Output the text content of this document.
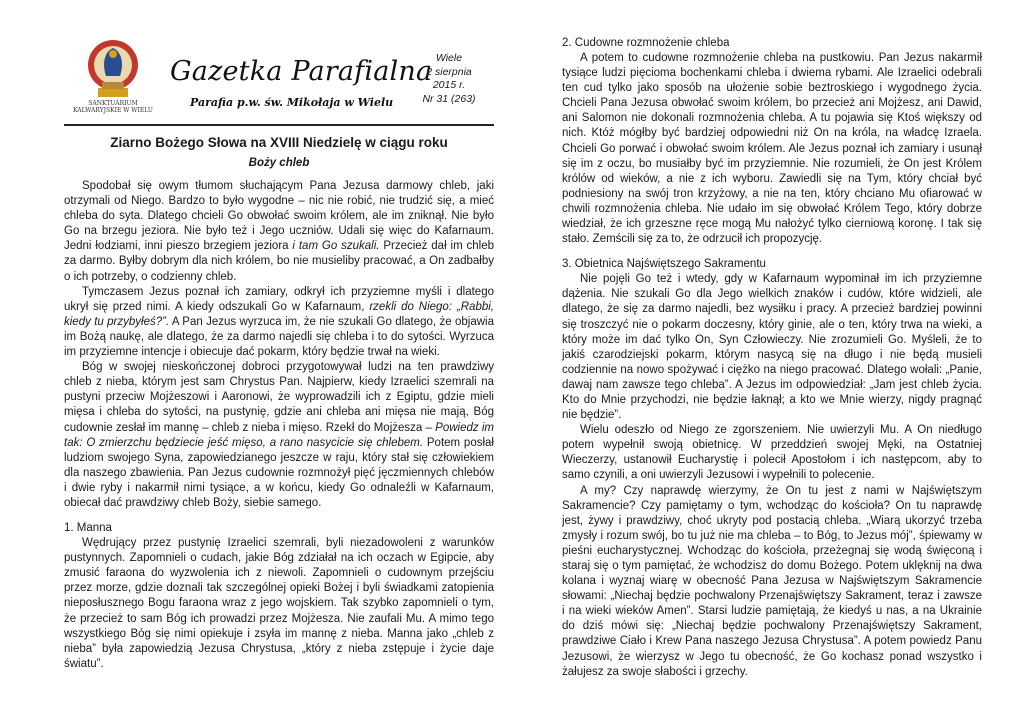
SANKTUARIUM KALWARYJSKIE W WIELU
Gazetka Parafialna
Parafia p.w. św. Mikołaja w Wielu
Wiele
2 sierpnia
2015 r.
Nr 31 (263)
Ziarno Bożego Słowa na XVIII Niedzielę w ciągu roku
Boży chleb

Spodobał się owym tłumom słuchającym Pana Jezusa darmowy chleb, jaki otrzymali od Niego. Bardzo to było wygodne – nic nie robić, nie trudzić się, a mieć chleba do syta. Dlatego chcieli Go obwołać swoim królem, ale im zniknął. Nie było Go na brzegu jeziora. Nie było też i Jego uczniów. Udali się więc do Kafarnaum. Jedni łodziami, inni pieszo brzegiem jeziora i tam Go szukali. Przecież dał im chleb za darmo. Byłby dobrym dla nich królem, bo nie musieliby pracować, a On zadbałby o ich potrzeby, o codzienny chleb.

Tymczasem Jezus poznał ich zamiary, odkrył ich przyziemne myśli i dlatego ukrył się przed nimi. A kiedy odszukali Go w Kafarnaum, rzekli do Niego: „Rabbi, kiedy tu przybyłeś?”. A Pan Jezus wyrzuca im, że nie szukali Go dlatego, że objawia im Bożą naukę, ale dlatego, że za darmo najedli się chleba i to do sytości. Wyrzuca im przyziemne intencje i obiecuje dać pokarm, który będzie trwał na wieki.

Bóg w swojej nieskończonej dobroci przygotowywał ludzi na ten prawdziwy chleb z nieba, którym jest sam Chrystus Pan. Najpierw, kiedy Izraelici szemrali na pustyni przeciw Mojżeszowi i Aaronowi, że wyprowadzili ich z Egiptu, gdzie mieli mięsa i chleba do sytości, na pustynię, gdzie ani chleba ani mięsa nie mają, Bóg cudownie zesłał im mannę – chleb z nieba i mięso. Rzekł do Mojżesza – Powiedz im tak: O zmierzchu będziecie jeść mięso, a rano nasycicie się chlebem. Potem posłał ludziom swojego Syna, zapowiedzianego jeszcze w raju, który stał się człowiekiem dla naszego zbawienia. Pan Jezus cudownie rozmnożył pięć jęczmiennych chlebów i dwie ryby i nakarmił nimi tysiące, a w końcu, kiedy Go odnaleźli w Kafarnaum, obiecał dać prawdziwy chleb Boży, siebie samego.

1. Manna

Wędrujący przez pustynię Izraelici szemrali, byli niezadowoleni z warunków pustynnych. Zapomnieli o cudach, jakie Bóg zdziałał na ich oczach w Egipcie, aby zmusić faraona do wyzwolenia ich z niewoli. Zapomnieli o cudownym przejściu przez morze, gdzie doznali tak szczególnej opieki Bożej i byli świadkami zatopienia nieposłusznego Bogu faraona wraz z jego wojskiem. Tak szybko zapomnieli o tym, że przecież to sam Bóg ich prowadzi przez Mojżesza. Nie zaufali Mu. A mimo tego wszystkiego Bóg się nimi opiekuje i zsyła im mannę z nieba. Manna jako „chleb z nieba” była zapowiedzią Jezusa Chrystusa, „który z nieba zstępuje i życie daje światu”.

2. Cudowne rozmnożenie chleba

A potem to cudowne rozmnożenie chleba na pustkowiu. Pan Jezus nakarmił tysiące ludzi pięcioma bochenkami chleba i dwiema rybami. Ale Izraelici odebrali ten cud tylko jako sposób na ułożenie sobie beztroskiego i wygodnego życia. Chcieli Pana Jezusa obwołać swoim królem, bo przecież ani Mojżesz, ani Dawid, ani Salomon nie dokonali rozmnożenia chleba. A tu pojawia się Ktoś większy od nich. Któż mógłby być bardziej odpowiedni niż On na króla, na władcę Izraela. Chcieli Go porwać i obwołać swoim królem. Ale Jezus poznał ich zamiary i usunął się im z oczu, bo musiałby być im przyziemnie. Nie rozumieli, że On jest Królem królów od wieków, a nie z ich wyboru. Zawiedli się na Tym, który chciał być podniesiony na swój tron krzyżowy, a nie na ten, który chciano Mu ofiarować w chwili rozmnożenia chleba. Nie udało im się obwołać Królem Tego, który dobrze wiedział, że ich grzeszne ręce mogą Mu nałożyć tylko cierniową koronę. I tak się stało. Zemścili się za to, że odrzucił ich propozycję.

3. Obietnica Najświętszego Sakramentu

Nie pojęli Go też i wtedy, gdy w Kafarnaum wypominał im ich przyziemne dążenia. Nie szukali Go dla Jego wielkich znaków i cudów, które widzieli, ale dlatego, że się za darmo najedli, bez wysiłku i pracy. A przecież bardziej powinni się troszczyć nie o pokarm doczesny, który ginie, ale o ten, który trwa na wieki, a który może im dać tylko On, Syn Człowieczy. Nie zrozumieli Go. Myśleli, że to jakiś czarodziejski pokarm, którym nasycą się na długo i nie będą musieli codziennie na nowo spożywać i ciężko na niego pracować. Dlatego wołali: „Panie, dawaj nam zawsze tego chleba”. A Jezus im odpowiedział: „Jam jest chleb życia. Kto do Mnie przychodzi, nie będzie łaknął; a kto we Mnie wierzy, nigdy pragnąć nie będzie”.

Wielu odeszło od Niego ze zgorszeniem. Nie uwierzyli Mu. A On niedługo potem wypełnił swoją obietnicę. W przeddzień swojej Męki, na Ostatniej Wieczerzy, ustanowił Eucharystię i polecił Apostołom i ich następcom, aby to samo czynili, a oni uwierzyli Jezusowi i wypełnili to polecenie.

A my? Czy naprawdę wierzymy, że On tu jest z nami w Najświętszym Sakramencie? Czy pamiętamy o tym, wchodząc do kościoła? On tu naprawdę jest, żywy i prawdziwy, choć ukryty pod postacią chleba. „Wiarą ukorzyć trzeba zmysły i rozum swój, bo tu już nie ma chleba – to Bóg, to Jezus mój”, śpiewamy w pieśni eucharystycznej. Wchodząc do kościoła, przeżegnaj się wodą święconą i staraj się o tym pamiętać, że wchodzisz do domu Bożego. Potem uklęknij na dwa kolana i wyznaj wiarę w obecność Pana Jezusa w Najświętszym Sakramencie słowami: „Niechaj będzie pochwalony Przenajświętszy Sakrament, teraz i zawsze i na wieki wieków Amen”. Starsi ludzie pamiętają, że kiedyś u nas, a na Ukrainie do dziś mówi się: „Niechaj będzie pochwalony Przenajświętszy Sakrament, prawdziwe Ciało i Krew Pana naszego Jezusa Chrystusa”. A potem powiedz Panu Jezusowi, że wierzysz w Jego tu obecność, że Go kochasz ponad wszystko i żałujesz za swoje słabości i grzechy.
